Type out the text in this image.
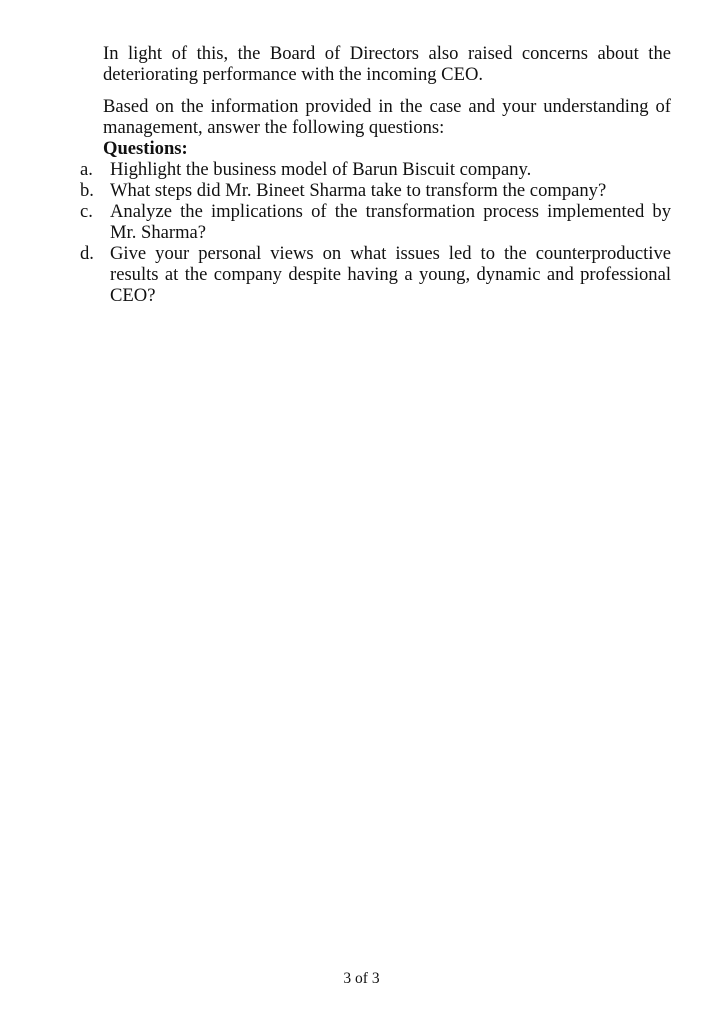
In light of this, the Board of Directors also raised concerns about the deteriorating performance with the incoming CEO.

Based on the information provided in the case and your understanding of management, answer the following questions:

Questions:

a. Highlight the business model of Barun Biscuit company.
b. What steps did Mr. Bineet Sharma take to transform the company?
c. Analyze the implications of the transformation process implemented by Mr. Sharma?
d. Give your personal views on what issues led to the counterproductive results at the company despite having a young, dynamic and professional CEO?
3 of 3
